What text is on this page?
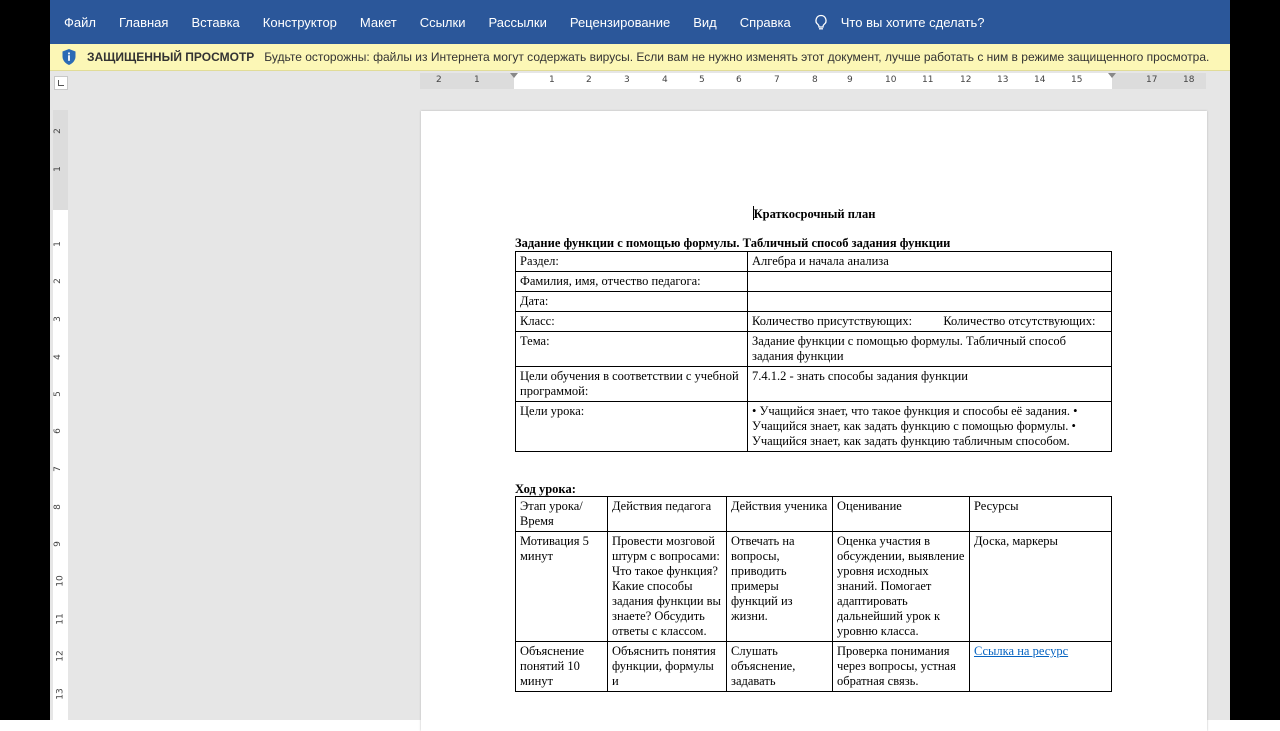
Файл Главная Вставка Конструктор Макет Ссылки Рассылки Рецензирование Вид Справка	Что вы хотите сделать?
ЗАЩИЩЕННЫЙ ПРОСМОТР Будьте осторожны: файлы из Интернета могут содержать вирусы. Если вам не нужно изменять этот документ, лучше работать с ним в режиме защищенного просмотра.
2	1	1	2	3	4	5	6	7	8	9	10	11	12	13	14	15	17	18
2
1
1
2
3
4
5
6
7
8
9
10
11
12
13
Краткосрочный план
Задание функции с помощью формулы. Табличный способ задания функции
Раздел:	Алгебра и начала анализа
Фамилия, имя, отчество педагога:	
Дата:	
Класс:	Количество присутствующих:          Количество отсутствующих:
Тема:	Задание функции с помощью формулы. Табличный способ задания функции
Цели обучения в соответствии с учебной программой:	7.4.1.2 - знать способы задания функции
Цели урока:	• Учащийся знает, что такое функция и способы её задания. • Учащийся знает, как задать функцию с помощью формулы. • Учащийся знает, как задать функцию табличным способом.
Ход урока:
Этап урока/ Время	Действия педагога	Действия ученика	Оценивание	Ресурсы
Мотивация 5 минут	Провести мозговой штурм с вопросами: Что такое функция? Какие способы задания функции вы знаете? Обсудить ответы с классом.	Отвечать на вопросы, приводить примеры функций из жизни.	Оценка участия в обсуждении, выявление уровня исходных знаний. Помогает адаптировать дальнейший урок к уровню класса.	Доска, маркеры
Объяснение понятий 10 минут	Объяснить понятия функции, формулы и	Слушать объяснение, задавать	Проверка понимания через вопросы, устная обратная связь.	Ссылка на ресурс
